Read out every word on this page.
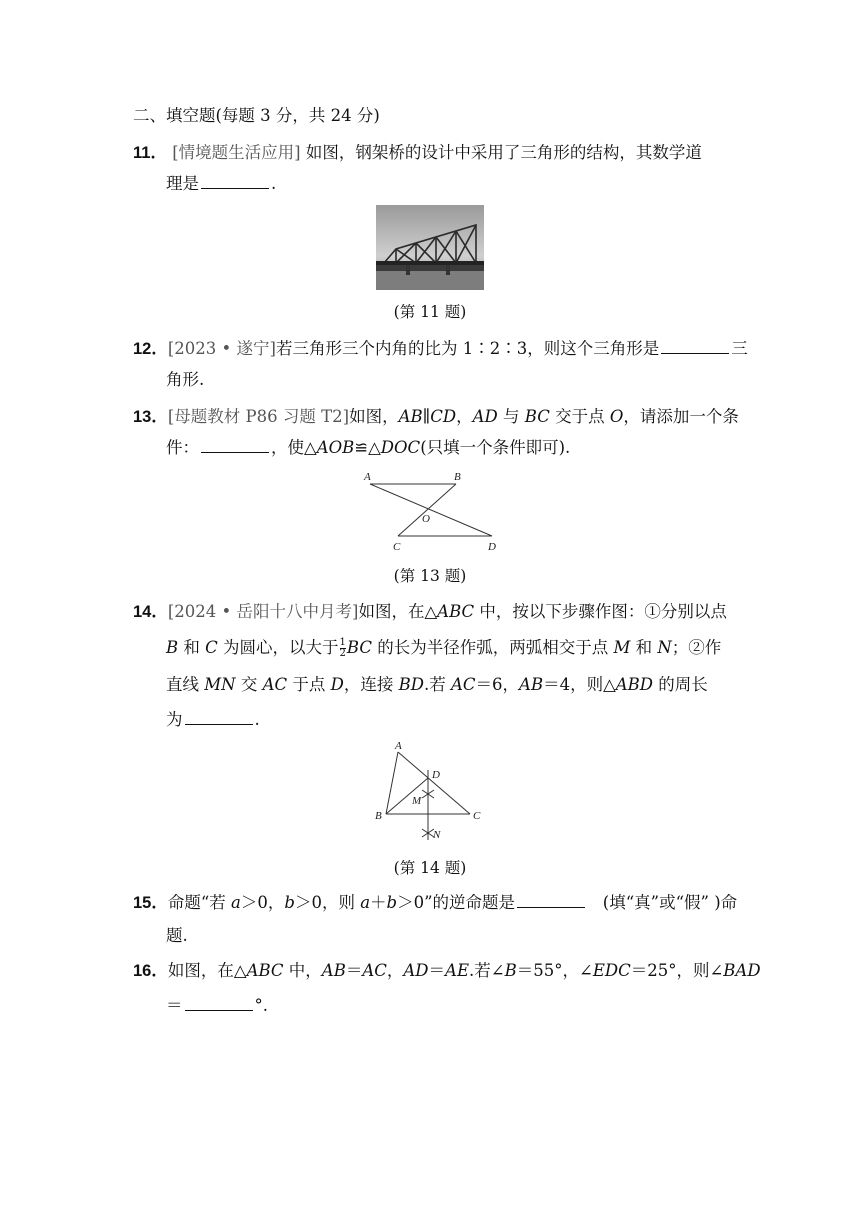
二、填空题(每题 3 分，共 24 分)
11． [情境题生活应用] 如图，钢架桥的设计中采用了三角形的结构，其数学道
理是	.
(第 11 题)
12．[2023 • 遂宁]若三角形三个内角的比为 1∶2∶3，则这个三角形是	三
角形.
13．[母题教材 P86 习题 T2]如图，AB∥CD，AD 与 BC 交于点 O，请添加一个条
件：	，使△AOB≌△DOC(只填一个条件即可).
A	B
O
C	D
(第 13 题)
14．[2024 • 岳阳十八中月考]如图，在△ABC 中，按以下步骤作图：①分别以点
B 和 C 为圆心，以大于 $\frac{1}{2}$ BC 的长为半径作弧，两弧相交于点 M 和 N；②作
直线 MN 交 AC 于点 D，连接 BD.若 AC＝6，AB＝4，则△ABD 的周长
为	.
A
B	C
D
M
N
(第 14 题)
15．命题“若 a＞0，b＞0，则 a＋b＞0”的逆命题是	(填“真”或“假” )命
题.
16．如图，在△ABC 中，AB＝AC，AD＝AE.若∠B＝55°，∠EDC＝25°，则∠BAD
＝	°.
